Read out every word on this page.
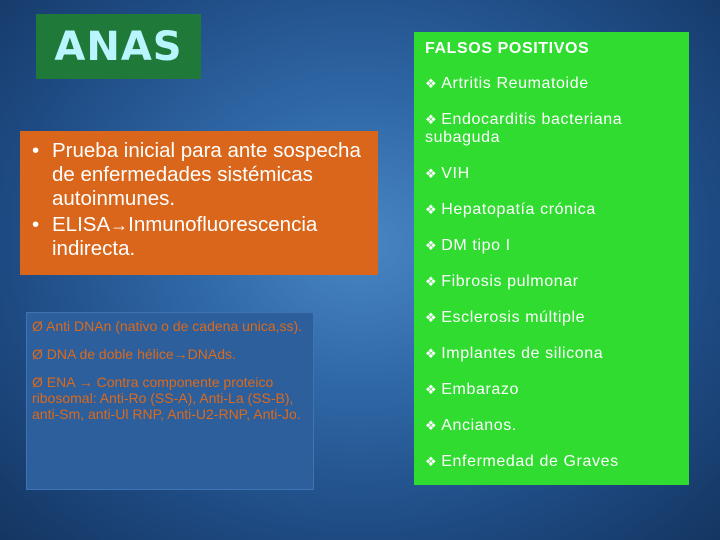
ANAS
• Prueba inicial para ante sospecha de enfermedades sistémicas autoinmunes.
• ELISA→Inmunofluorescencia indirecta.

Ø Anti DNAn (nativo o de cadena unica,ss).

Ø DNA de doble hélice→DNAds.

Ø ENA → Contra componente proteico ribosomal: Anti-Ro (SS-A), Anti-La (SS-B), anti-Sm, anti-Ul RNP, Anti-U2-RNP, Anti-Jo.

FALSOS POSITIVOS
❖ Artritis Reumatoide
❖ Endocarditis bacteriana subaguda
❖ VIH
❖ Hepatopatía crónica
❖ DM tipo I
❖ Fibrosis pulmonar
❖ Esclerosis múltiple
❖ Implantes de silicona
❖ Embarazo
❖ Ancianos.
❖ Enfermedad de Graves
